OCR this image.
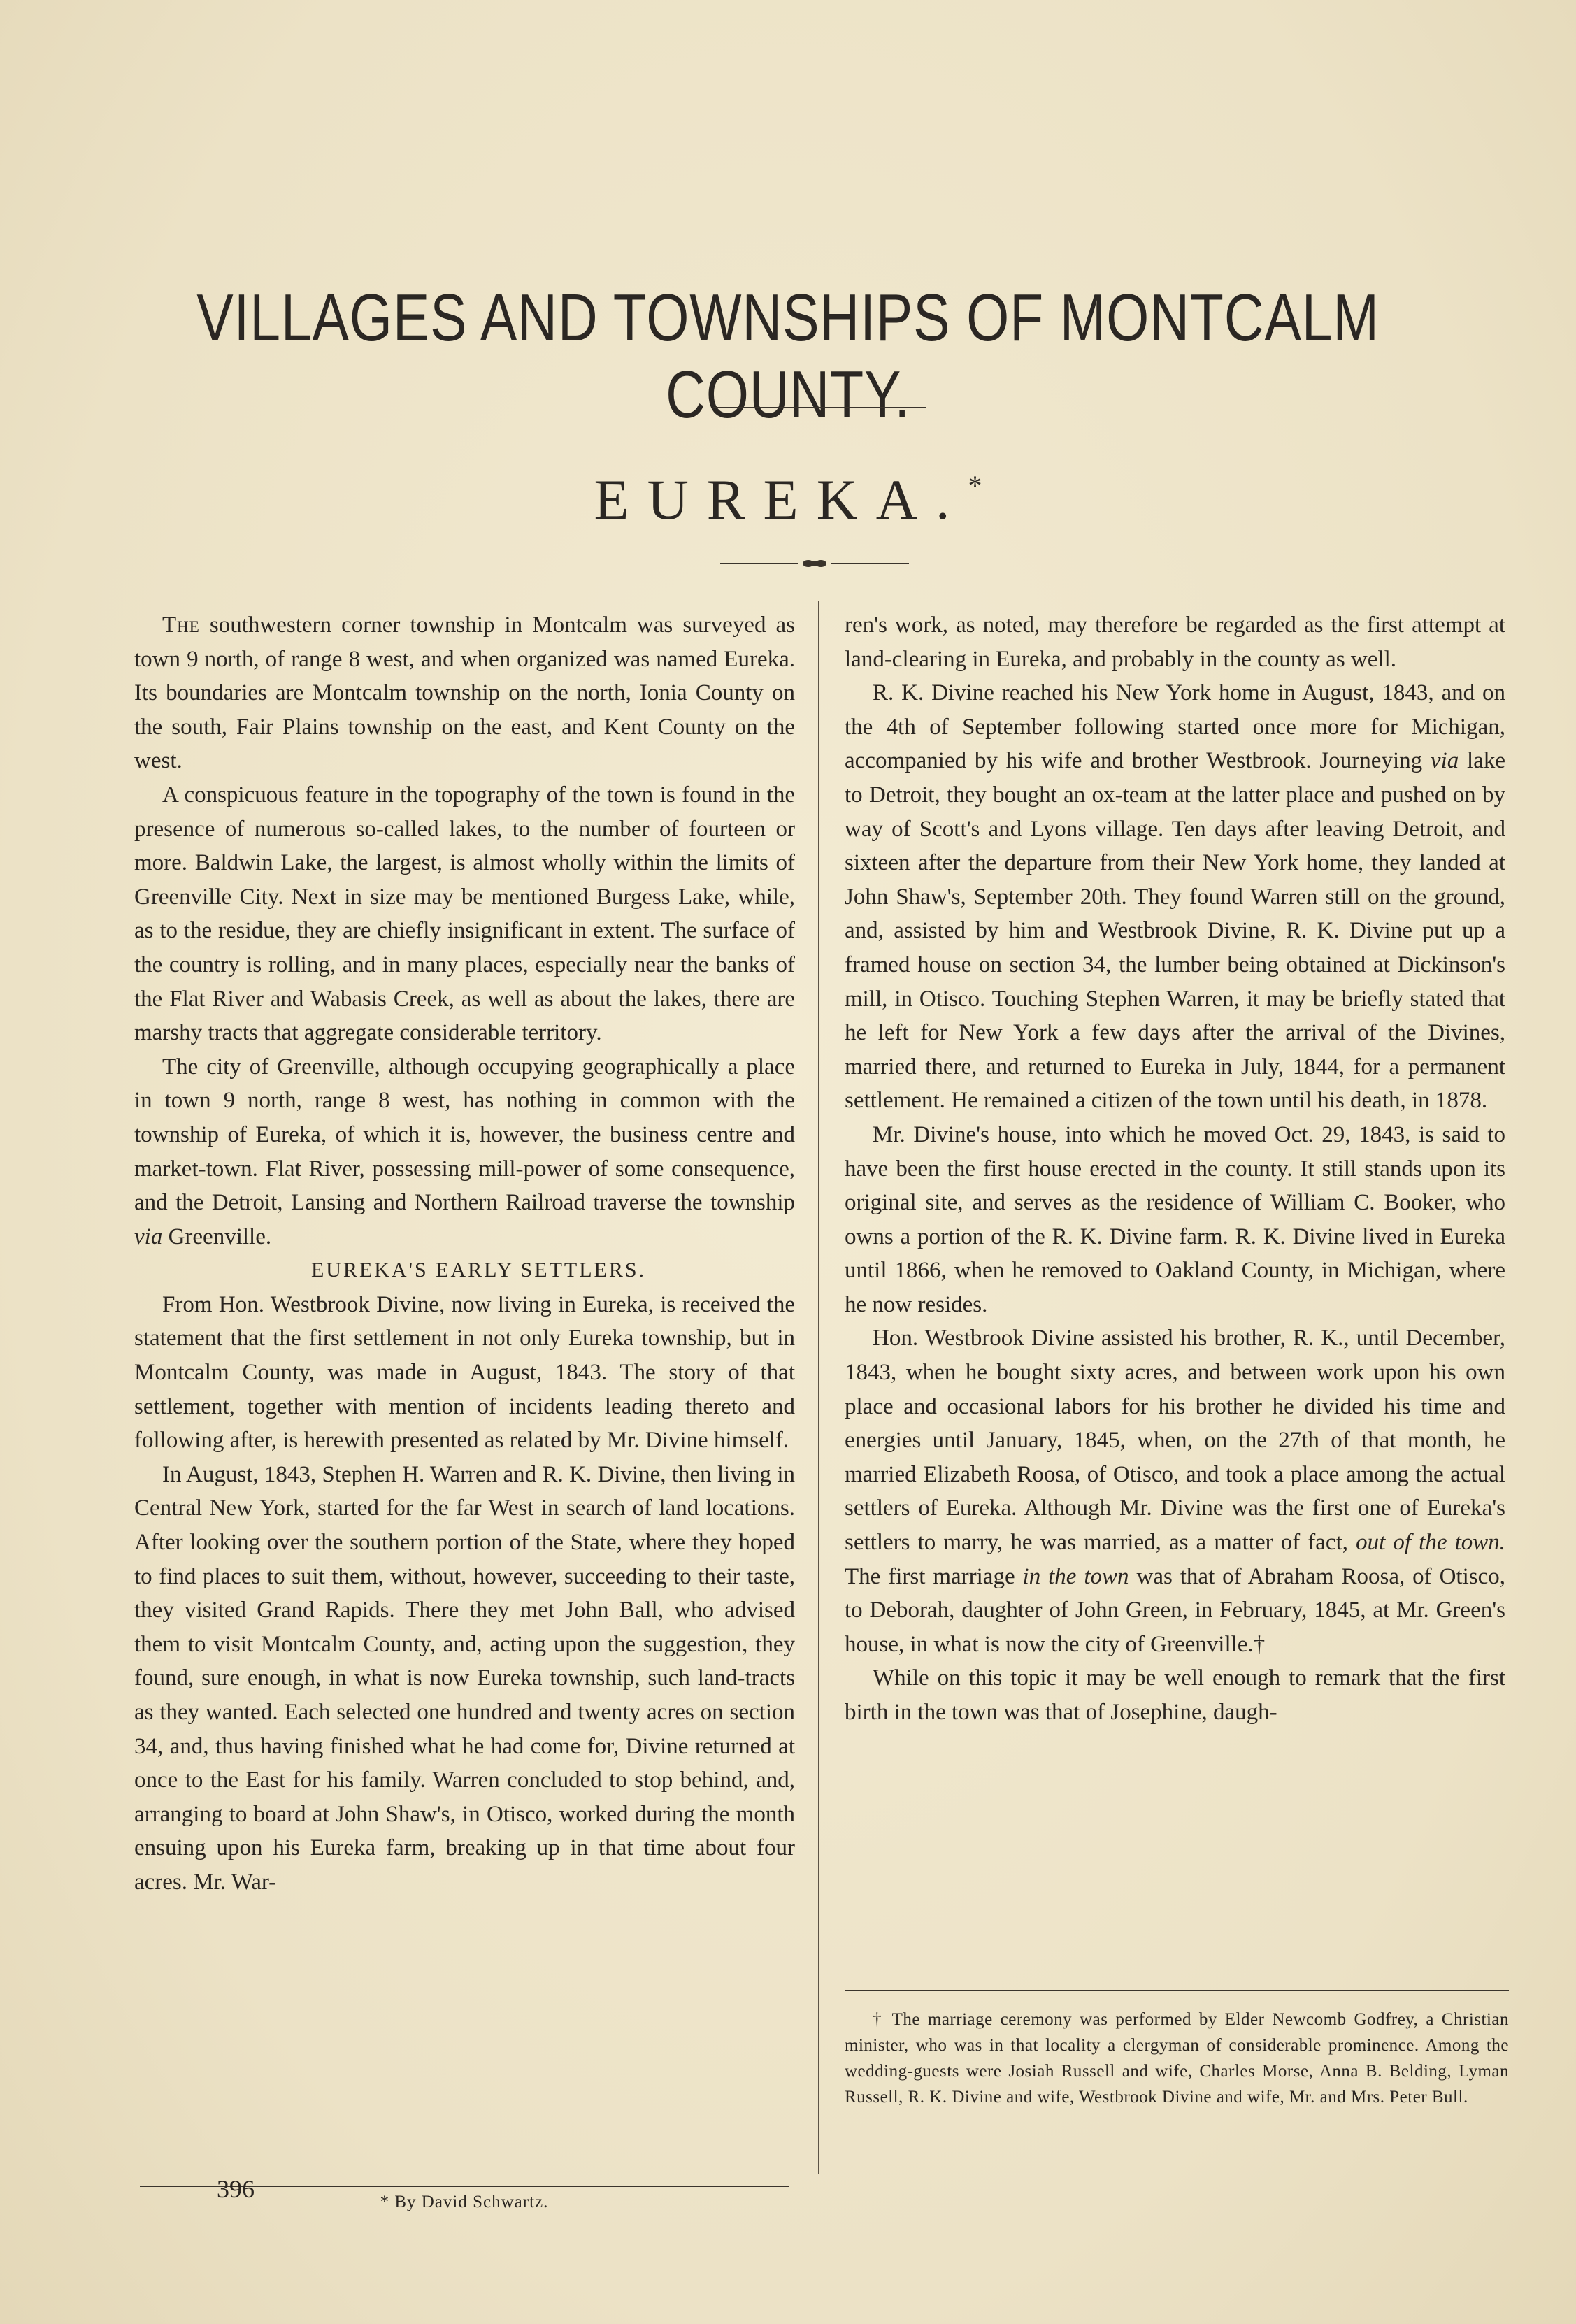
VILLAGES AND TOWNSHIPS OF MONTCALM COUNTY.
EUREKA.*

The southwestern corner township in Montcalm was surveyed as town 9 north, of range 8 west, and when organized was named Eureka. Its boundaries are Montcalm township on the north, Ionia County on the south, Fair Plains township on the east, and Kent County on the west.

A conspicuous feature in the topography of the town is found in the presence of numerous so-called lakes, to the number of fourteen or more. Baldwin Lake, the largest, is almost wholly within the limits of Greenville City. Next in size may be mentioned Burgess Lake, while, as to the residue, they are chiefly insignificant in extent. The surface of the country is rolling, and in many places, especially near the banks of the Flat River and Wabasis Creek, as well as about the lakes, there are marshy tracts that aggregate considerable territory.

The city of Greenville, although occupying geographically a place in town 9 north, range 8 west, has nothing in common with the township of Eureka, of which it is, however, the business centre and market-town. Flat River, possessing mill-power of some consequence, and the Detroit, Lansing and Northern Railroad traverse the township via Greenville.

EUREKA'S EARLY SETTLERS.

From Hon. Westbrook Divine, now living in Eureka, is received the statement that the first settlement in not only Eureka township, but in Montcalm County, was made in August, 1843. The story of that settlement, together with mention of incidents leading thereto and following after, is herewith presented as related by Mr. Divine himself.

In August, 1843, Stephen H. Warren and R. K. Divine, then living in Central New York, started for the far West in search of land locations. After looking over the southern portion of the State, where they hoped to find places to suit them, without, however, succeeding to their taste, they visited Grand Rapids. There they met John Ball, who advised them to visit Montcalm County, and, acting upon the suggestion, they found, sure enough, in what is now Eureka township, such land-tracts as they wanted. Each selected one hundred and twenty acres on section 34, and, thus having finished what he had come for, Divine returned at once to the East for his family. Warren concluded to stop behind, and, arranging to board at John Shaw's, in Otisco, worked during the month ensuing upon his Eureka farm, breaking up in that time about four acres. Mr. War-

ren's work, as noted, may therefore be regarded as the first attempt at land-clearing in Eureka, and probably in the county as well.

R. K. Divine reached his New York home in August, 1843, and on the 4th of September following started once more for Michigan, accompanied by his wife and brother Westbrook. Journeying via lake to Detroit, they bought an ox-team at the latter place and pushed on by way of Scott's and Lyons village. Ten days after leaving Detroit, and sixteen after the departure from their New York home, they landed at John Shaw's, September 20th. They found Warren still on the ground, and, assisted by him and Westbrook Divine, R. K. Divine put up a framed house on section 34, the lumber being obtained at Dickinson's mill, in Otisco. Touching Stephen Warren, it may be briefly stated that he left for New York a few days after the arrival of the Divines, married there, and returned to Eureka in July, 1844, for a permanent settlement. He remained a citizen of the town until his death, in 1878.

Mr. Divine's house, into which he moved Oct. 29, 1843, is said to have been the first house erected in the county. It still stands upon its original site, and serves as the residence of William C. Booker, who owns a portion of the R. K. Divine farm. R. K. Divine lived in Eureka until 1866, when he removed to Oakland County, in Michigan, where he now resides.

Hon. Westbrook Divine assisted his brother, R. K., until December, 1843, when he bought sixty acres, and between work upon his own place and occasional labors for his brother he divided his time and energies until January, 1845, when, on the 27th of that month, he married Elizabeth Roosa, of Otisco, and took a place among the actual settlers of Eureka. Although Mr. Divine was the first one of Eureka's settlers to marry, he was married, as a matter of fact, out of the town. The first marriage in the town was that of Abraham Roosa, of Otisco, to Deborah, daughter of John Green, in February, 1845, at Mr. Green's house, in what is now the city of Greenville.†

While on this topic it may be well enough to remark that the first birth in the town was that of Josephine, daugh-

* By David Schwartz.

† The marriage ceremony was performed by Elder Newcomb Godfrey, a Christian minister, who was in that locality a clergyman of considerable prominence. Among the wedding-guests were Josiah Russell and wife, Charles Morse, Anna B. Belding, Lyman Russell, R. K. Divine and wife, Westbrook Divine and wife, Mr. and Mrs. Peter Bull.

396
